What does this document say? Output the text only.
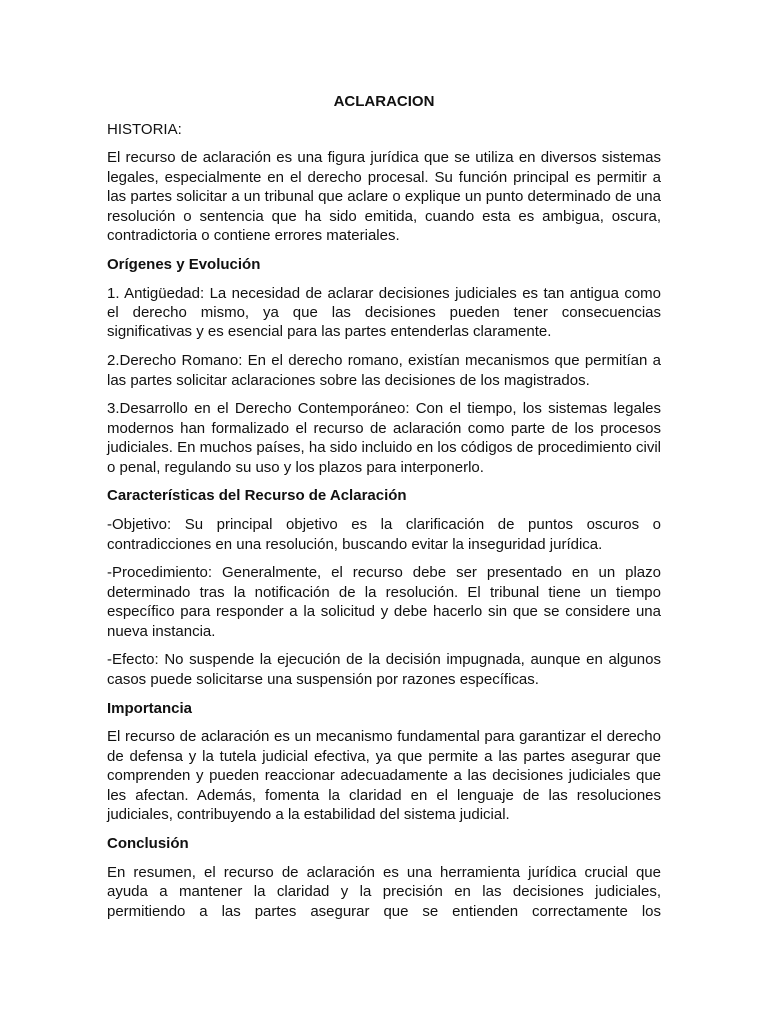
ACLARACION
HISTORIA:

El recurso de aclaración es una figura jurídica que se utiliza en diversos sistemas legales, especialmente en el derecho procesal. Su función principal es permitir a las partes solicitar a un tribunal que aclare o explique un punto determinado de una resolución o sentencia que ha sido emitida, cuando esta es ambigua, oscura, contradictoria o contiene errores materiales.

Orígenes y Evolución

1. Antigüedad: La necesidad de aclarar decisiones judiciales es tan antigua como el derecho mismo, ya que las decisiones pueden tener consecuencias significativas y es esencial para las partes entenderlas claramente.

2.Derecho Romano: En el derecho romano, existían mecanismos que permitían a las partes solicitar aclaraciones sobre las decisiones de los magistrados.

3.Desarrollo en el Derecho Contemporáneo: Con el tiempo, los sistemas legales modernos han formalizado el recurso de aclaración como parte de los procesos judiciales. En muchos países, ha sido incluido en los códigos de procedimiento civil o penal, regulando su uso y los plazos para interponerlo.

Características del Recurso de Aclaración

-Objetivo: Su principal objetivo es la clarificación de puntos oscuros o contradicciones en una resolución, buscando evitar la inseguridad jurídica.

-Procedimiento: Generalmente, el recurso debe ser presentado en un plazo determinado tras la notificación de la resolución. El tribunal tiene un tiempo específico para responder a la solicitud y debe hacerlo sin que se considere una nueva instancia.

-Efecto: No suspende la ejecución de la decisión impugnada, aunque en algunos casos puede solicitarse una suspensión por razones específicas.

Importancia

El recurso de aclaración es un mecanismo fundamental para garantizar el derecho de defensa y la tutela judicial efectiva, ya que permite a las partes asegurar que comprenden y pueden reaccionar adecuadamente a las decisiones judiciales que les afectan. Además, fomenta la claridad en el lenguaje de las resoluciones judiciales, contribuyendo a la estabilidad del sistema judicial.

Conclusión

En resumen, el recurso de aclaración es una herramienta jurídica crucial que ayuda a mantener la claridad y la precisión en las decisiones judiciales, permitiendo a las partes asegurar que se entienden correctamente los
